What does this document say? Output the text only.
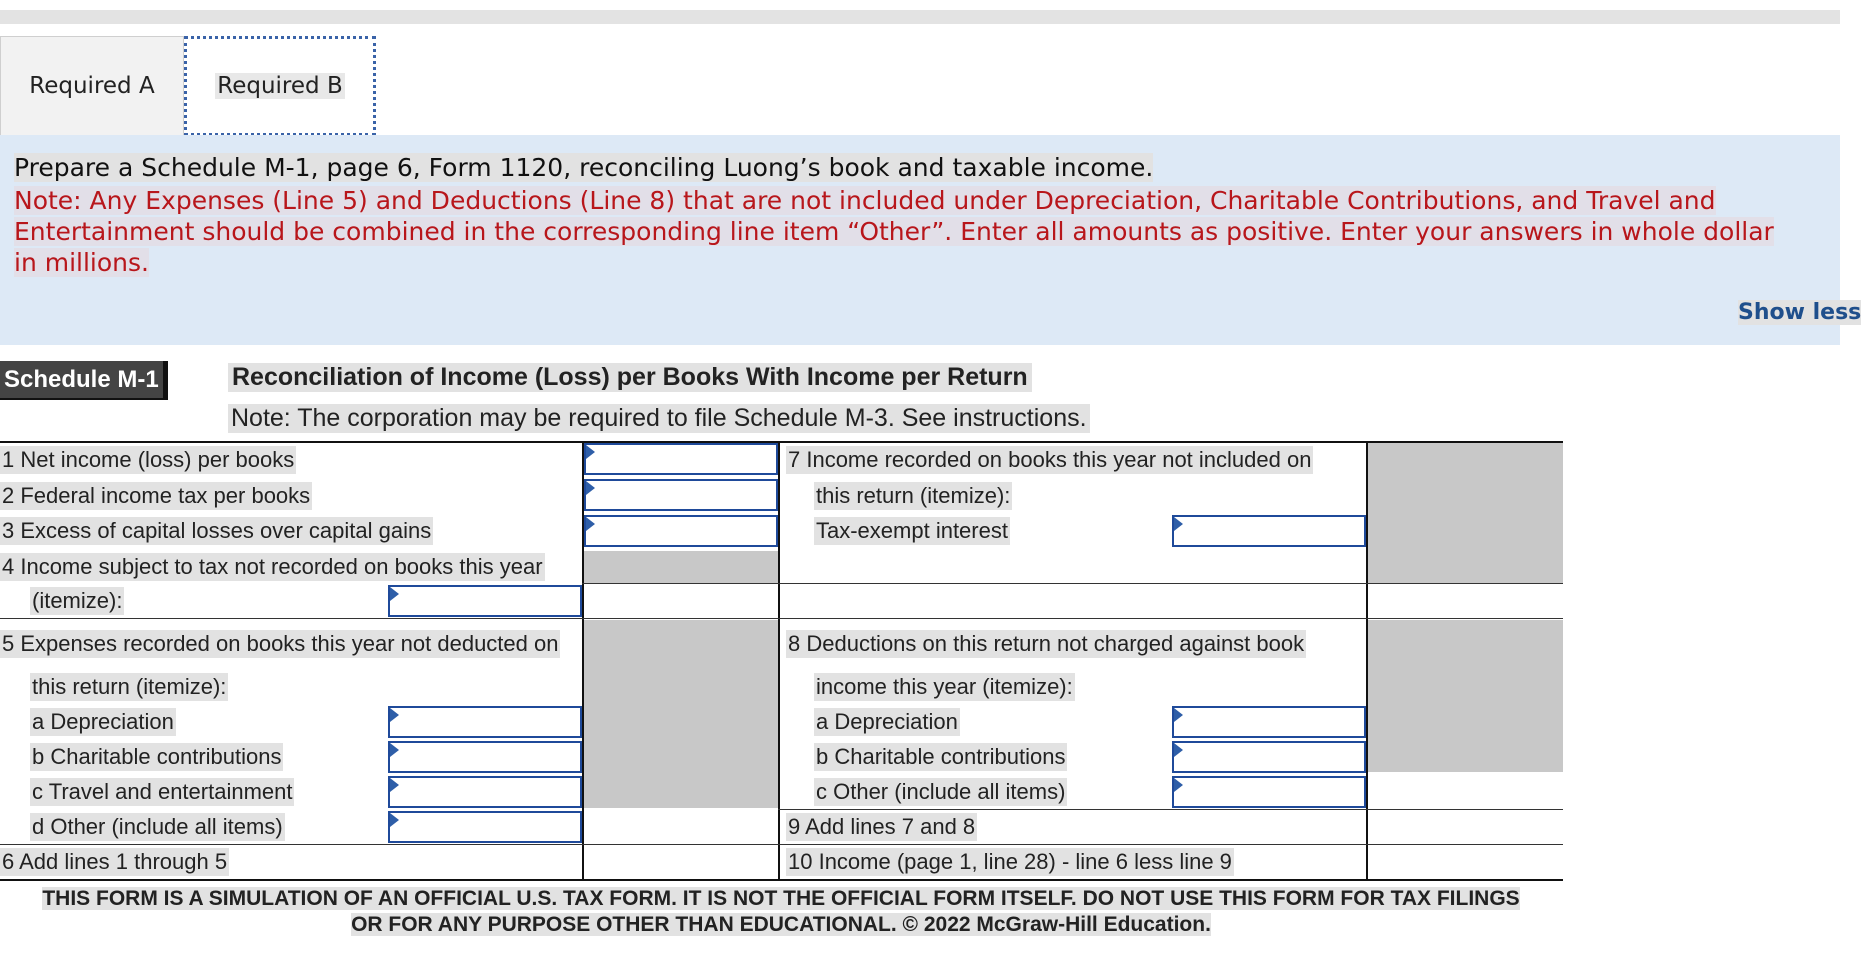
Required A	Required B
Prepare a Schedule M-1, page 6, Form 1120, reconciling Luong’s book and taxable income.
Note: Any Expenses (Line 5) and Deductions (Line 8) that are not included under Depreciation, Charitable Contributions, and Travel and
Entertainment should be combined in the corresponding line item “Other”. Enter all amounts as positive. Enter your answers in whole dollar
in millions.
Show less
Schedule M-1	Reconciliation of Income (Loss) per Books With Income per Return
Note: The corporation may be required to file Schedule M-3. See instructions.
1 Net income (loss) per books
2 Federal income tax per books
3 Excess of capital losses over capital gains
4 Income subject to tax not recorded on books this year
(itemize):
5 Expenses recorded on books this year not deducted on
this return (itemize):
a Depreciation
b Charitable contributions
c Travel and entertainment
d Other (include all items)
6 Add lines 1 through 5
7 Income recorded on books this year not included on
this return (itemize):
Tax-exempt interest
8 Deductions on this return not charged against book
income this year (itemize):
a Depreciation
b Charitable contributions
c Other (include all items)
9 Add lines 7 and 8
10 Income (page 1, line 28) - line 6 less line 9
THIS FORM IS A SIMULATION OF AN OFFICIAL U.S. TAX FORM. IT IS NOT THE OFFICIAL FORM ITSELF. DO NOT USE THIS FORM FOR TAX FILINGS
OR FOR ANY PURPOSE OTHER THAN EDUCATIONAL. © 2022 McGraw-Hill Education.
